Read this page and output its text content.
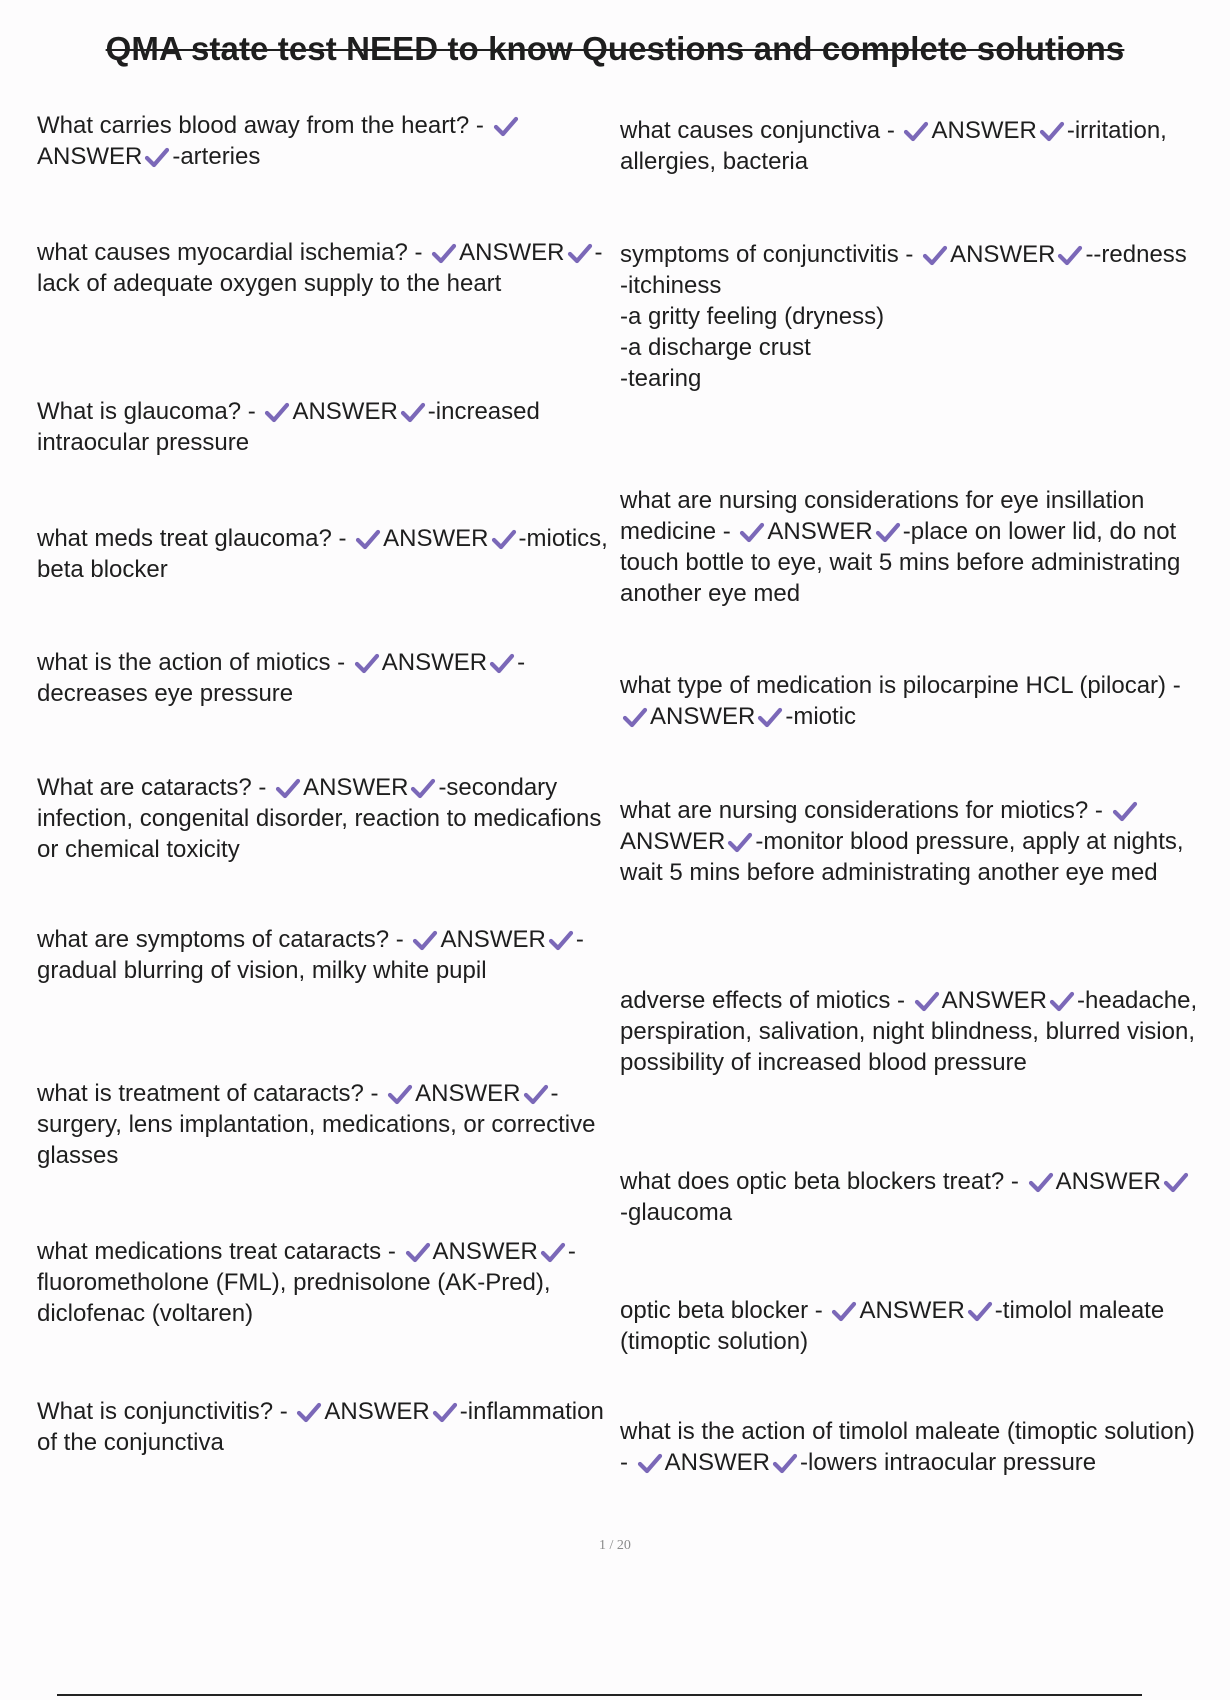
QMA state test NEED to know Questions and complete solutions
What carries blood away from the heart? -
ANSWER -arteries
what causes myocardial ischemia? - ANSWER -lack of adequate oxygen supply to the heart
What is glaucoma? - ANSWER -increased intraocular pressure
what meds treat glaucoma? - ANSWER -miotics, beta blocker
what is the action of miotics - ANSWER -decreases eye pressure
What are cataracts? - ANSWER -secondary infection, congenital disorder, reaction to medicafions or chemical toxicity
what are symptoms of cataracts? - ANSWER -gradual blurring of vision, milky white pupil
what is treatment of cataracts? - ANSWER -surgery, lens implantation, medications, or corrective glasses
what medications treat cataracts - ANSWER -fluorometholone (FML), prednisolone (AK-Pred), diclofenac (voltaren)
What is conjunctivitis? - ANSWER -inflammation of the conjunctiva
what causes conjunctiva - ANSWER -irritation, allergies, bacteria
symptoms of conjunctivitis - ANSWER --redness
-itchiness
-a gritty feeling (dryness)
-a discharge crust
-tearing
what are nursing considerations for eye insillation medicine - ANSWER -place on lower lid, do not touch bottle to eye, wait 5 mins before administrating another eye med
what type of medication is pilocarpine HCL (pilocar) -
ANSWER -miotic
what are nursing considerations for miotics? -
ANSWER -monitor blood pressure, apply at nights, wait 5 mins before administrating another eye med
adverse effects of miotics - ANSWER -headache, perspiration, salivation, night blindness, blurred vision, possibility of increased blood pressure
what does optic beta blockers treat? - ANSWER
-glaucoma
optic beta blocker - ANSWER -timolol maleate (timoptic solution)
what is the action of timolol maleate (timoptic solution) - ANSWER -lowers intraocular pressure
1 / 20
